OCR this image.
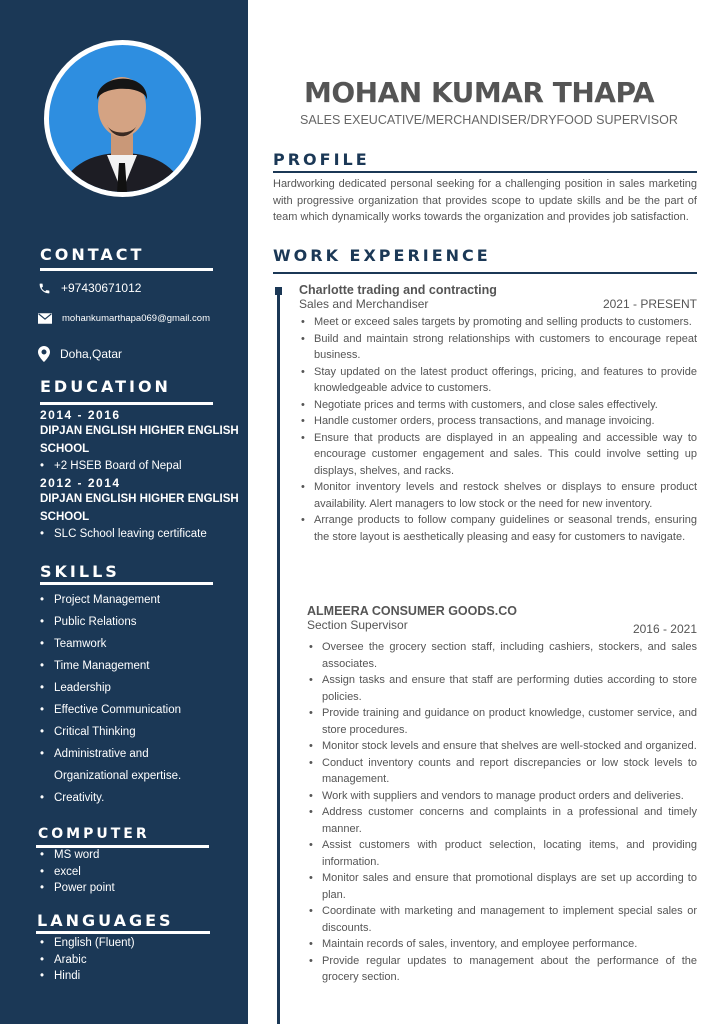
CONTACT
+97430671012
mohankumarthapa069@gmail.com
Doha,Qatar
EDUCATION
2014 - 2016
DIPJAN ENGLISH HIGHER ENGLISH SCHOOL
• +2 HSEB Board of Nepal
2012 - 2014
DIPJAN ENGLISH HIGHER ENGLISH SCHOOL
• SLC School leaving certificate
SKILLS
• Project Management
• Public Relations
• Teamwork
• Time Management
• Leadership
• Effective Communication
• Critical Thinking
• Administrative and Organizational expertise.
• Creativity.
COMPUTER
• MS word
• excel
• Power point
LANGUAGES
• English (Fluent)
• Arabic
• Hindi
MOHAN KUMAR THAPA
SALES EXEUCATIVE/MERCHANDISER/DRYFOOD SUPERVISOR
PROFILE
Hardworking dedicated personal seeking for a challenging position in sales marketing with progressive organization that provides scope to update skills and be the part of team which dynamically works towards the organization and provides job satisfaction.
WORK EXPERIENCE
Charlotte trading and contracting
Sales and Merchandiser	2021 - PRESENT
• Meet or exceed sales targets by promoting and selling products to customers.
• Build and maintain strong relationships with customers to encourage repeat business.
• Stay updated on the latest product offerings, pricing, and features to provide knowledgeable advice to customers.
• Negotiate prices and terms with customers, and close sales effectively.
• Handle customer orders, process transactions, and manage invoicing.
• Ensure that products are displayed in an appealing and accessible way to encourage customer engagement and sales. This could involve setting up displays, shelves, and racks.
• Monitor inventory levels and restock shelves or displays to ensure product availability. Alert managers to low stock or the need for new inventory.
• Arrange products to follow company guidelines or seasonal trends, ensuring the store layout is aesthetically pleasing and easy for customers to navigate.
ALMEERA CONSUMER GOODS.CO
Section Supervisor	2016 - 2021
• Oversee the grocery section staff, including cashiers, stockers, and sales associates.
• Assign tasks and ensure that staff are performing duties according to store policies.
• Provide training and guidance on product knowledge, customer service, and store procedures.
• Monitor stock levels and ensure that shelves are well-stocked and organized.
• Conduct inventory counts and report discrepancies or low stock levels to management.
• Work with suppliers and vendors to manage product orders and deliveries.
• Address customer concerns and complaints in a professional and timely manner.
• Assist customers with product selection, locating items, and providing information.
• Monitor sales and ensure that promotional displays are set up according to plan.
• Coordinate with marketing and management to implement special sales or discounts.
• Maintain records of sales, inventory, and employee performance.
• Provide regular updates to management about the performance of the grocery section.
